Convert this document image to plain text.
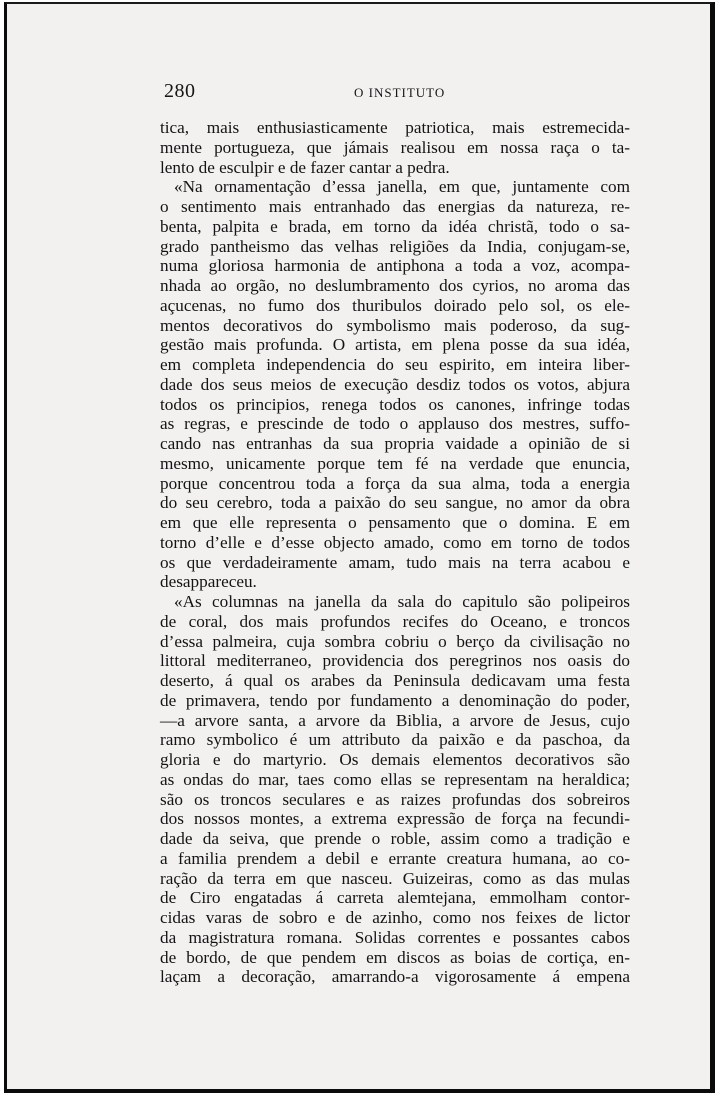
280	O INSTITUTO
tica, mais enthusiasticamente patriotica, mais estremecida-
mente portugueza, que jámais realisou em nossa raça o ta-
lento de esculpir e de fazer cantar a pedra.
«Na ornamentação d’essa janella, em que, juntamente com
o sentimento mais entranhado das energias da natureza, re-
benta, palpita e brada, em torno da idéa christã, todo o sa-
grado pantheismo das velhas religiões da India, conjugam-se,
numa gloriosa harmonia de antiphona a toda a voz, acompa-
nhada ao orgão, no deslumbramento dos cyrios, no aroma das
açucenas, no fumo dos thuribulos doirado pelo sol, os ele-
mentos decorativos do symbolismo mais poderoso, da sug-
gestão mais profunda. O artista, em plena posse da sua idéa,
em completa independencia do seu espirito, em inteira liber-
dade dos seus meios de execução desdiz todos os votos, abjura
todos os principios, renega todos os canones, infringe todas
as regras, e prescinde de todo o applauso dos mestres, suffo-
cando nas entranhas da sua propria vaidade a opinião de si
mesmo, unicamente porque tem fé na verdade que enuncia,
porque concentrou toda a força da sua alma, toda a energia
do seu cerebro, toda a paixão do seu sangue, no amor da obra
em que elle representa o pensamento que o domina. E em
torno d’elle e d’esse objecto amado, como em torno de todos
os que verdadeiramente amam, tudo mais na terra acabou e
desappareceu.
«As columnas na janella da sala do capitulo são polipeiros
de coral, dos mais profundos recifes do Oceano, e troncos
d’essa palmeira, cuja sombra cobriu o berço da civilisação no
littoral mediterraneo, providencia dos peregrinos nos oasis do
deserto, á qual os arabes da Peninsula dedicavam uma festa
de primavera, tendo por fundamento a denominação do poder,
—a arvore santa, a arvore da Biblia, a arvore de Jesus, cujo
ramo symbolico é um attributo da paixão e da paschoa, da
gloria e do martyrio. Os demais elementos decorativos são
as ondas do mar, taes como ellas se representam na heraldica;
são os troncos seculares e as raizes profundas dos sobreiros
dos nossos montes, a extrema expressão de força na fecundi-
dade da seiva, que prende o roble, assim como a tradição e
a familia prendem a debil e errante creatura humana, ao co-
ração da terra em que nasceu. Guizeiras, como as das mulas
de Ciro engatadas á carreta alemtejana, emmolham contor-
cidas varas de sobro e de azinho, como nos feixes de lictor
da magistratura romana. Solidas correntes e possantes cabos
de bordo, de que pendem em discos as boias de cortiça, en-
laçam a decoração, amarrando-a vigorosamente á empena
